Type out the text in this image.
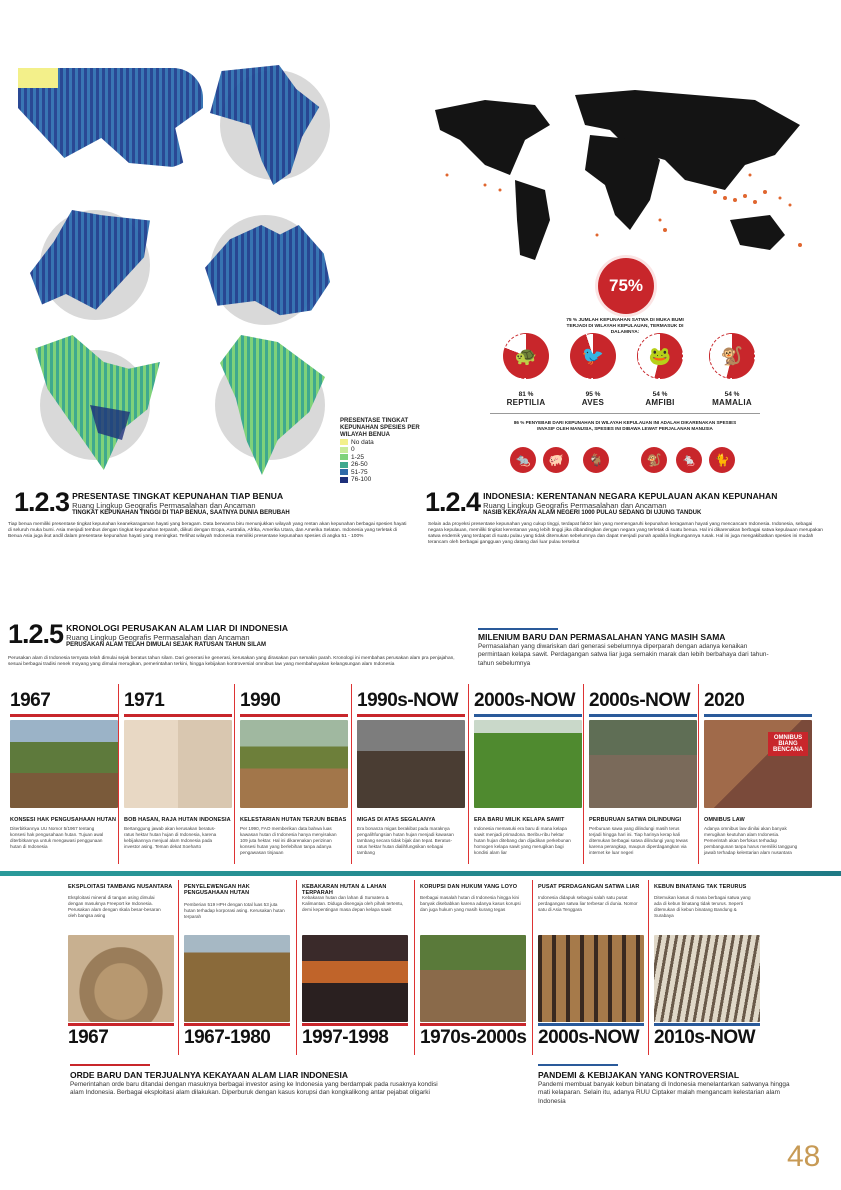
PRESENTASE TINGKAT KEPUNAHAN SPESIES PER WILAYAH BENUA
No data
0
1-25
26-50
51-75
76-100
1.2.3 PRESENTASE TINGKAT KEPUNAHAN TIAP BENUA
Ruang Lingkup Geografis Permasalahan dan Ancaman
TINGKAT KEPUNAHAN TINGGI DI TIAP BENUA, SAATNYA DUNIA BERUBAH
Tiap benua memiliki presentase tingkat kepunahan keanekaragaman hayati yang beragam. Data berwarna biru menunjukkan wilayah yang rentan akan kepunahan berbagai spesies hayati di seluruh muka bumi. Asia menjadi tembus dengan tingkat kepunahan terparah, diikuti dengan Eropa, Australia, Afrika, Amerika Utara, dan Amerika Selatan. Indonesia yang terletak di Benua Asia juga ikut andil dalam presentase kepunahan hayati yang meningkat. Terlihat wilayah Indonesia memiliki presentase kepunahan spesies di angka 51 - 100%
75%
75 % JUMLAH KEPUNAHAN SATWA DI MUKA BUMI TERJADI DI WILAYAH KEPULAUAN, TERMASUK DI DALAMNYA:
🐢
81 %
REPTILIA
🐦
95 %
AVES
🐸
54 %
AMFIBI
🐒
54 %
MAMALIA
86 % PENYEBAB DARI KEPUNAHAN DI WILAYAH KEPULAUAN INI ADALAH DIKARENAKAN SPESIES INVASIF OLEH MANUSIA, SPESIES INI DIBAWA LEWAT PERJALANAN MANUSIA
🐀	🐖	🐐	🐒	🐁	🐈
1.2.4 INDONESIA: KERENTANAN NEGARA KEPULAUAN AKAN KEPUNAHAN
Ruang Lingkup Geografis Permasalahan dan Ancaman
NASIB KEKAYAAN ALAM NEGERI 1000 PULAU SEDANG DI UJUNG TANDUK
Selain ada proyeksi presentase kepunahan yang cukup tinggi, terdapat faktor lain yang memengaruhi kepunahan keragaman hayati yang mencancam Indonesia. Indonesia, sebagai negara kepulauan, memiliki tingkat kerentanan yang lebih tinggi jika dibandingkan dengan negara yang terletak di suatu benua. Hal ini dikarenakan berbagai satwa kepulauan merupakan satwa endemik yang terdapat di suatu pulau yang tidak ditemukan sebelumnya dan dapat menjadi punah apabila lingkungannya rusak. Hal ini juga mengakibatkan spesies ini mudah terancam oleh berbagai gangguan yang datang dari luar pulau tersebut
1.2.5 KRONOLOGI PERUSAKAN ALAM LIAR DI INDONESIA
Ruang Lingkup Geografis Permasalahan dan Ancaman
PERUSAKAN ALAM TELAH DIMULAI SEJAK RATUSAN TAHUN SILAM
Perusakan alam di Indonesia ternyata telah dimulai sejak beratus tahun silam. Dari generasi ke generasi, kerusakan yang dirasakan pun semakin parah. Kronologi ini membahas perusakan alam pra penjajahan, sesuai berbagai tradisi nenek moyang yang dimulai merugikan, pemerintahan terkini, hingga kebijakan kontroversial omnibus law yang membahayakan kelangsungan alam Indonesia
MILENIUM BARU DAN PERMASALAHAN YANG MASIH SAMA
Permasalahan yang diwariskan dari generasi sebelumnya diperparah dengan adanya kenaikan permintaan kelapa sawit. Perdagangan satwa liar juga semakin marak dan lebih berbahaya dari tahun-tahun sebelumnya
1967
KONSESI HAK PENGUSAHAAN HUTAN
Diterbitkannya UU Nomor 5/1967 tentang konsesi hak pengusahaan hutan. Tujuan awal diterbitkannya untuk mengawasi penggunaan hutan di Indonesia
1971
BOB HASAN, RAJA HUTAN INDONESIA
Bertanggung jawab akan kerusakan beratus-ratus hektar hutan hujan di Indonesia, karena kebijakannya menjual alam Indonesia pada investor asing. Teman dekat Soeharto
1990
KELESTARIAN HUTAN TERJUN BEBAS
Per 1990, FAO memberikan data bahwa luas kawasan hutan di Indonesia hanya menyisakan 109 juta hektar. Hal ini dikarenakan perizinan konsesi hutan yang berlebihan tanpa adanya pengawasan tinjauan
1990s-NOW
MIGAS DI ATAS SEGALANYA
Era bonanza migas berakibat pada maraknya pengalihfungsian hutan hujan menjadi kawasan tambang secara tidak bijak dan tepat. Beratus-ratus hektar hutan dialihfungsikan sebagai tambang
2000s-NOW
ERA BARU MILIK KELAPA SAWIT
Indonesia memasuki era baru di mana kelapa sawit menjadi primadona. Beribu-ribu hektar hutan hujan ditebang dan dijadikan perkebunan homogen kelapa sawit yang merugikan bagi kondisi alam liar
2000s-NOW
PERBURUAN SATWA DILINDUNGI
Perburuan sawa yang dilindungi masih terus terjadi hingga hari ini. Tiap harinya kerap kali ditemukan berbagai satwa dilindungi yang tewas karena perangkap, maupun diperdagangkan via internet ke luar negeri
2020
OMNIBUS BIANG BENCANA
OMNIBUS LAW
Adanya omnibus law dinilai akan banyak merugikan keutuhan alam Indonesia. Pemerintah akan berfokus terhadap pembangunan tanpa harus memiliki tanggung jawab terhadap kelestarian alam nusantara
EKSPLOITASI TAMBANG NUSANTARA
Eksploitasi mineral di tangan asing dimulai dengan masuknya Freeport ke Indonesia. Perusakan alam dengan skala besar-besaran oleh bangsa asing
1967
PENYELEWENGAN HAK PENGUSAHAAN HUTAN
Pemberian 519 HPH dengan total luas 53 juta hutan terhadap korporasi asing. Kerusakan hutan terparah
1967-1980
KEBAKARAN HUTAN & LAHAN TERPARAH
Kebakaran hutan dan lahan di Sumatera & Kalimantan. Diduga disengaja oleh pihak tertentu, demi kepentingan masa depan kelapa sawit
1997-1998
KORUPSI DAN HUKUM YANG LOYO
Berbagai masalah hutan di Indonesia hingga kini banyak disebabkan karena adanya kasus korupsi dan juga hukum yang masih kurang tegas
1970s-2000s
PUSAT PERDAGANGAN SATWA LIAR
Indonesia didapuk sebagai salah satu pusat perdagangan satwa liar terbesar di dunia. Nomor satu di Asia Tenggara
2000s-NOW
KEBUN BINATANG TAK TERURUS
Ditemukan kasus di mana berbagai satwa yang ada di kebun binatang tidak terurus. Seperti ditemukan di kebun binatang Bandung & Surabaya
2010s-NOW
ORDE BARU DAN TERJUALNYA KEKAYAAN ALAM LIAR INDONESIA
Pemerintahan orde baru ditandai dengan masuknya berbagai investor asing ke Indonesia yang berdampak pada rusaknya kondisi alam Indonesia. Berbagai eksploitasi alam dilakukan. Diperburuk dengan kasus korupsi dan kongkalikong antar pejabat oligarki
PANDEMI & KEBIJAKAN YANG KONTROVERSIAL
Pandemi membuat banyak kebun binatang di Indonesia menelantarkan satwanya hingga mati kelaparan. Selain itu, adanya RUU Ciptaker malah mengancam kelestarian alam Indonesia
48
